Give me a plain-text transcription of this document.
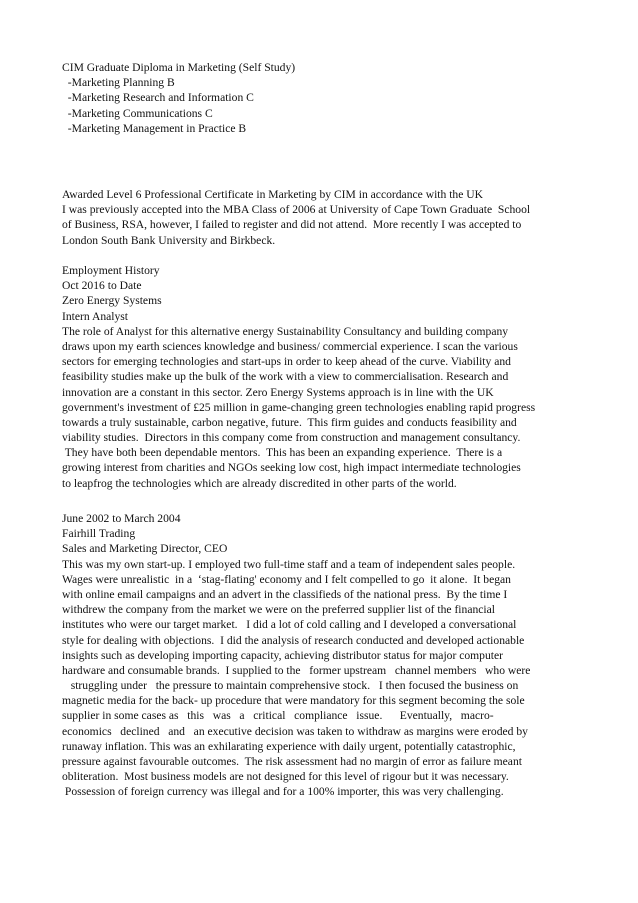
CIM Graduate Diploma in Marketing (Self Study)
-Marketing Planning B
-Marketing Research and Information C
-Marketing Communications C
-Marketing Management in Practice B
Awarded Level 6 Professional Certificate in Marketing by CIM in accordance with the UK
I was previously accepted into the MBA Class of 2006 at University of Cape Town Graduate  School
of Business, RSA, however, I failed to register and did not attend.  More recently I was accepted to
London South Bank University and Birkbeck.
Employment History
Oct 2016 to Date
Zero Energy Systems
Intern Analyst
The role of Analyst for this alternative energy Sustainability Consultancy and building company
draws upon my earth sciences knowledge and business/ commercial experience. I scan the various
sectors for emerging technologies and start-ups in order to keep ahead of the curve. Viability and
feasibility studies make up the bulk of the work with a view to commercialisation. Research and
innovation are a constant in this sector. Zero Energy Systems approach is in line with the UK
government's investment of £25 million in game-changing green technologies enabling rapid progress
towards a truly sustainable, carbon negative, future.  This firm guides and conducts feasibility and
viability studies.  Directors in this company come from construction and management consultancy.
They have both been dependable mentors.  This has been an expanding experience.  There is a
growing interest from charities and NGOs seeking low cost, high impact intermediate technologies
to leapfrog the technologies which are already discredited in other parts of the world.
June 2002 to March 2004
Fairhill Trading
Sales and Marketing Director, CEO
This was my own start-up. I employed two full-time staff and a team of independent sales people.
Wages were unrealistic  in a  ‘stag-flating' economy and I felt compelled to go  it alone.  It began
with online email campaigns and an advert in the classifieds of the national press.  By the time I
withdrew the company from the market we were on the preferred supplier list of the financial
institutes who were our target market.   I did a lot of cold calling and I developed a conversational
style for dealing with objections.  I did the analysis of research conducted and developed actionable
insights such as developing importing capacity, achieving distributor status for major computer
hardware and consumable brands.  I supplied to the   former upstream   channel members   who were
struggling under   the pressure to maintain comprehensive stock.   I then focused the business on
magnetic media for the back- up procedure that were mandatory for this segment becoming the sole
supplier in some cases as   this   was   a   critical   compliance   issue.      Eventually,   macro-
economics   declined   and   an executive decision was taken to withdraw as margins were eroded by
runaway inflation. This was an exhilarating experience with daily urgent, potentially catastrophic,
pressure against favourable outcomes.  The risk assessment had no margin of error as failure meant
obliteration.  Most business models are not designed for this level of rigour but it was necessary.
Possession of foreign currency was illegal and for a 100% importer, this was very challenging.
